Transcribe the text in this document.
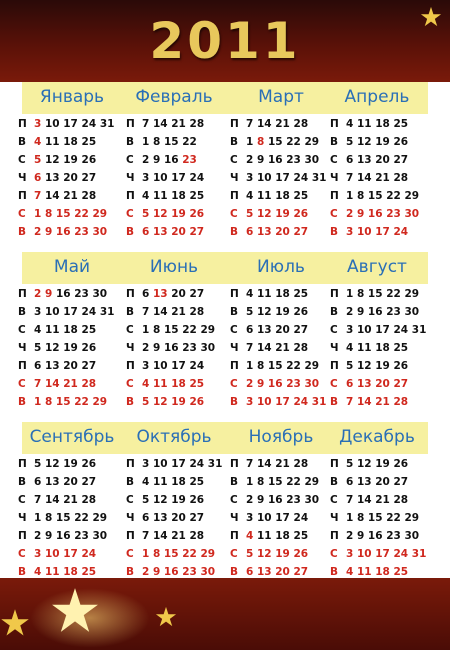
2011
Январь
П 3 10 17 24 31
В 4 11 18 25
С 5 12 19 26
Ч 6 13 20 27
П 7 14 21 28
С 1 8 15 22 29
В 2 9 16 23 30
Февраль
П 7 14 21 28
В 1 8 15 22
С 2 9 16 23
Ч 3 10 17 24
П 4 11 18 25
С 5 12 19 26
В 6 13 20 27
Март
П 7 14 21 28
В 1 8 15 22 29
С 2 9 16 23 30
Ч 3 10 17 24 31
П 4 11 18 25
С 5 12 19 26
В 6 13 20 27
Апрель
П 4 11 18 25
В 5 12 19 26
С 6 13 20 27
Ч 7 14 21 28
П 1 8 15 22 29
С 2 9 16 23 30
В 3 10 17 24
Май
П 2 9 16 23 30
В 3 10 17 24 31
С 4 11 18 25
Ч 5 12 19 26
П 6 13 20 27
С 7 14 21 28
В 1 8 15 22 29
Июнь
П 6 13 20 27
В 7 14 21 28
С 1 8 15 22 29
Ч 2 9 16 23 30
П 3 10 17 24
С 4 11 18 25
В 5 12 19 26
Июль
П 4 11 18 25
В 5 12 19 26
С 6 13 20 27
Ч 7 14 21 28
П 1 8 15 22 29
С 2 9 16 23 30
В 3 10 17 24 31
Август
П 1 8 15 22 29
В 2 9 16 23 30
С 3 10 17 24 31
Ч 4 11 18 25
П 5 12 19 26
С 6 13 20 27
В 7 14 21 28
Сентябрь
П 5 12 19 26
В 6 13 20 27
С 7 14 21 28
Ч 1 8 15 22 29
П 2 9 16 23 30
С 3 10 17 24
В 4 11 18 25
Октябрь
П 3 10 17 24 31
В 4 11 18 25
С 5 12 19 26
Ч 6 13 20 27
П 7 14 21 28
С 1 8 15 22 29
В 2 9 16 23 30
Ноябрь
П 7 14 21 28
В 1 8 15 22 29
С 2 9 16 23 30
Ч 3 10 17 24
П 4 11 18 25
С 5 12 19 26
В 6 13 20 27
Декабрь
П 5 12 19 26
В 6 13 20 27
С 7 14 21 28
Ч 1 8 15 22 29
П 2 9 16 23 30
С 3 10 17 24 31
В 4 11 18 25
